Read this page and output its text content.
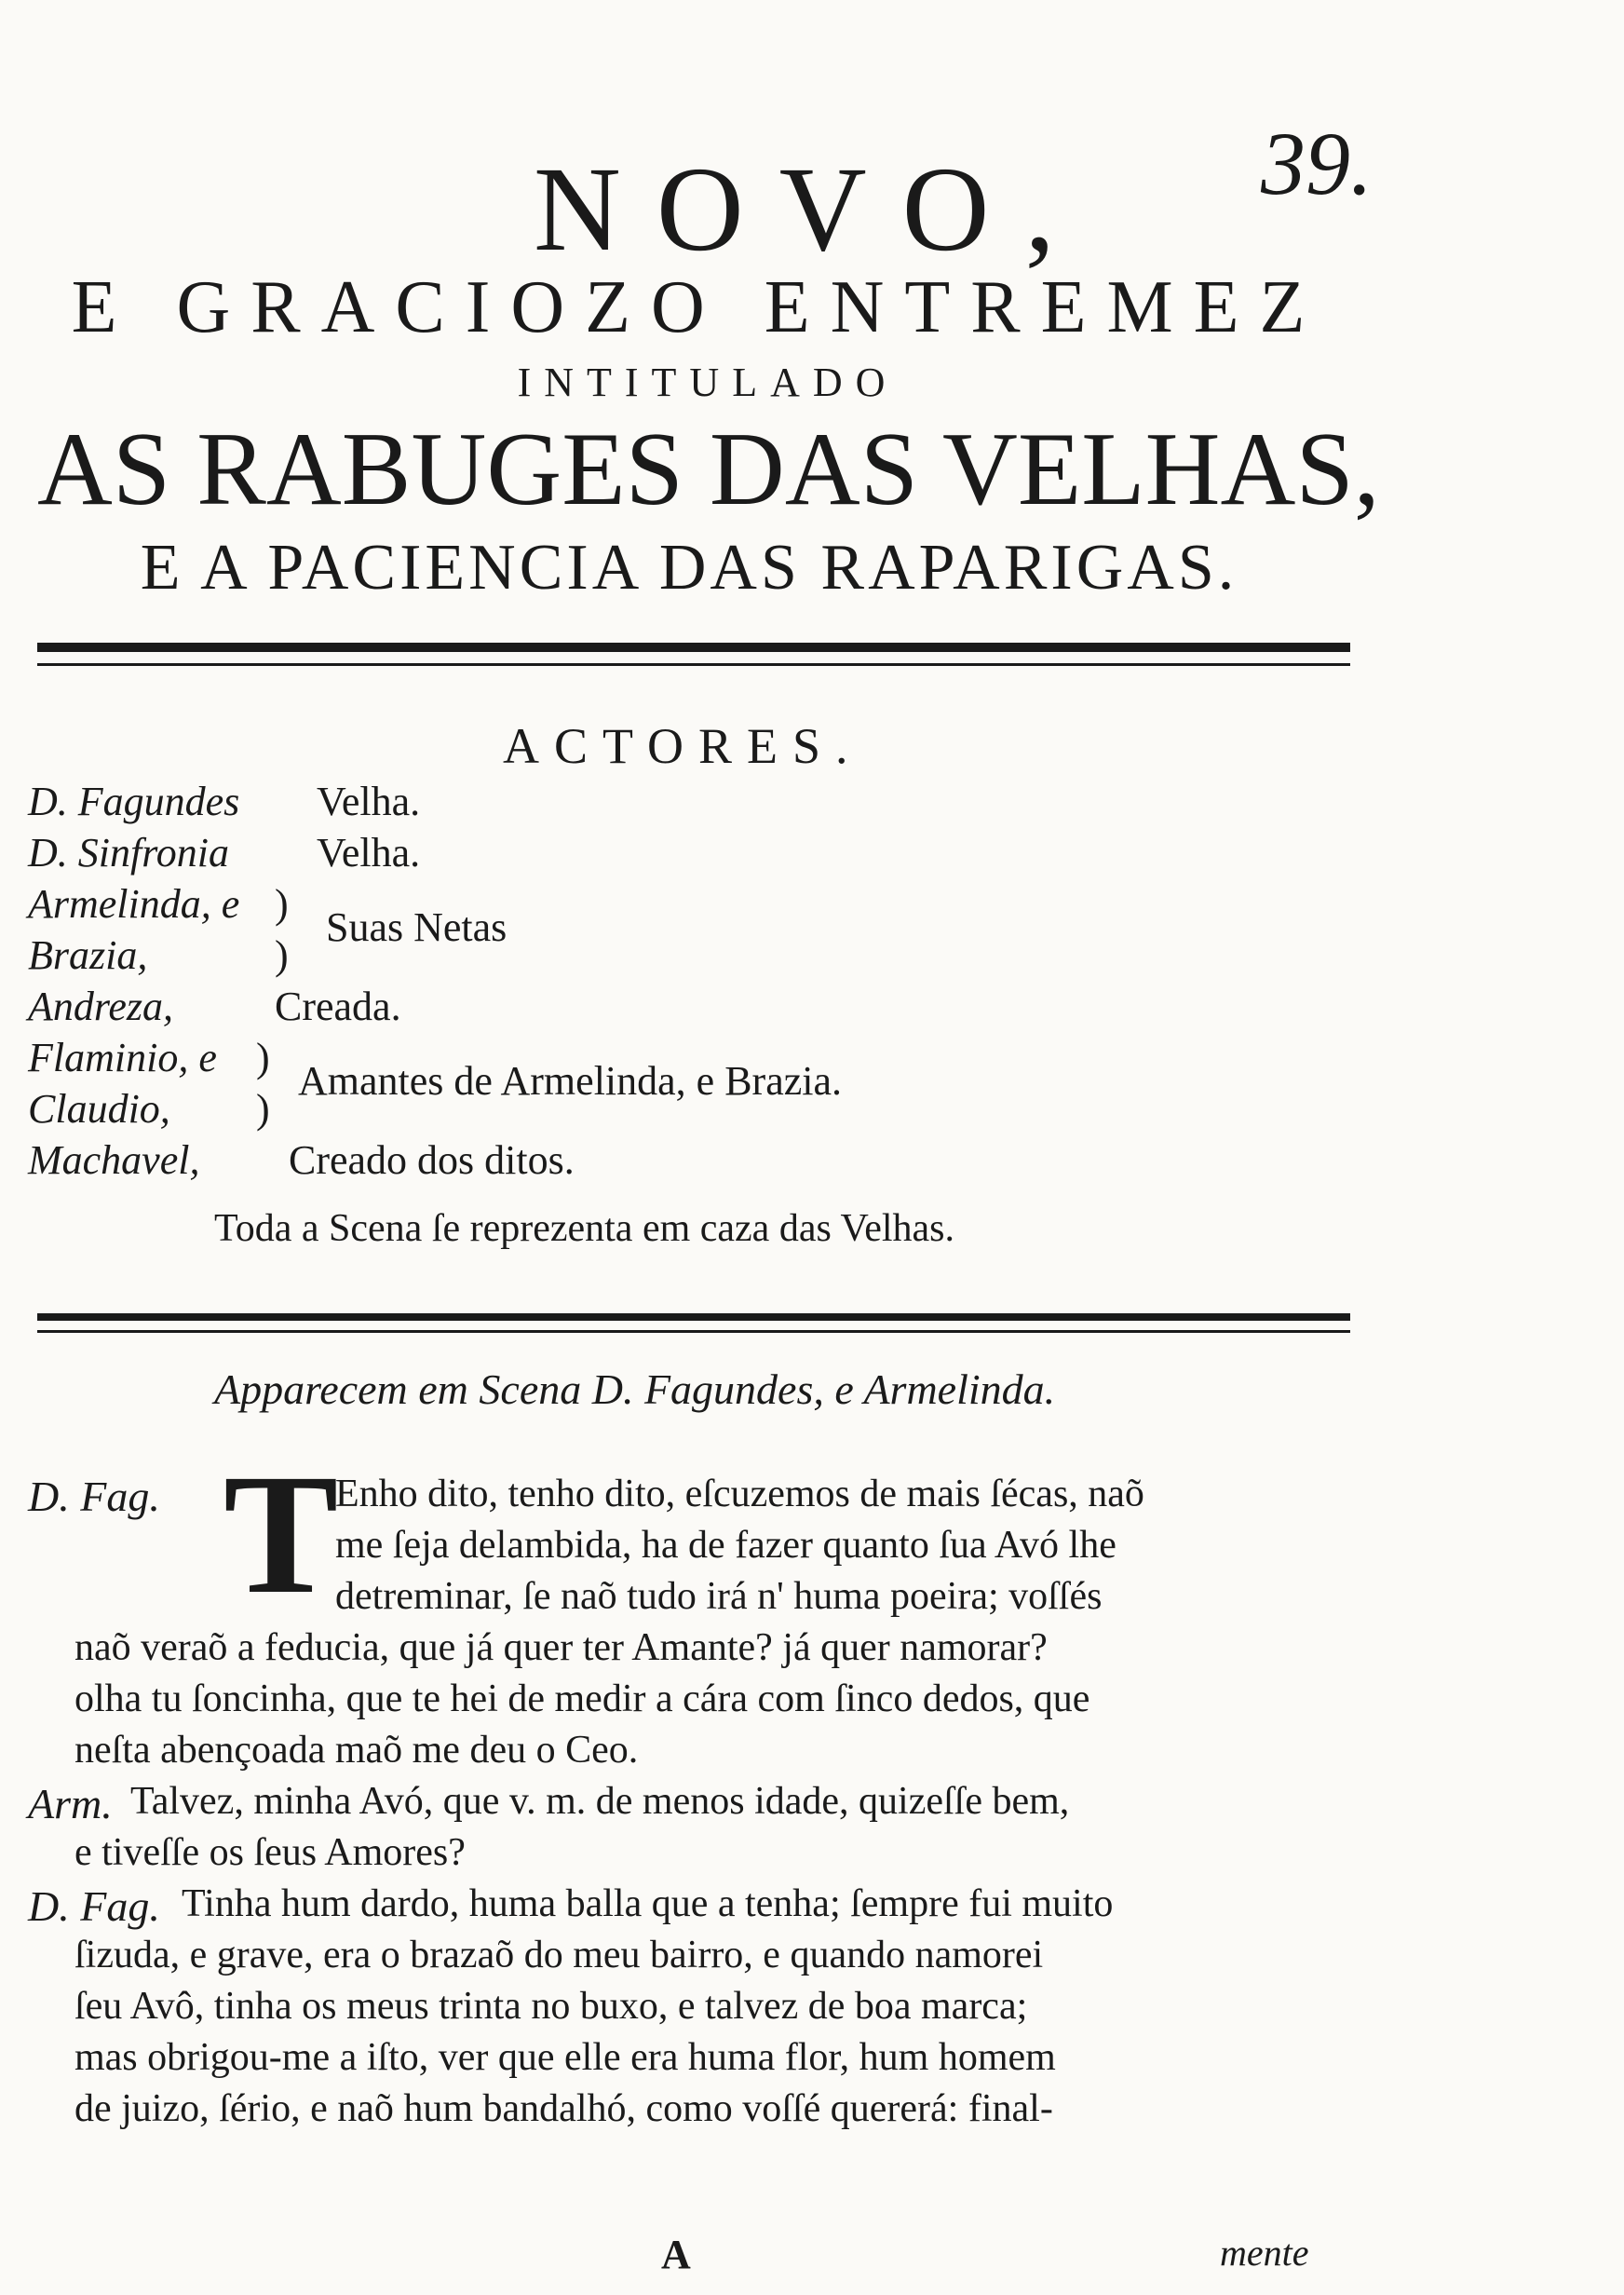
39.
NOVO,
E GRACIOZO ENTREMEZ
INTITULADO
AS RABUGES DAS VELHAS,
E A PACIENCIA DAS RAPARIGAS.
ACTORES.
D. Fagundes Velha.
D. Sinfronia Velha.
Armelinda, e )
Suas Netas
Brazia,	)
Andreza, Creada.
Flaminio, e )
Amantes de Armelinda, e Brazia.
Claudio, )
Machavel, Creado dos ditos.
Toda a Scena ſe reprezenta em caza das Velhas.
Apparecem em Scena D. Fagundes, e Armelinda.
D. Fag. T
Enho dito, tenho dito, eſcuzemos de mais ſécas, naõ
me ſeja delambida, ha de fazer quanto ſua Avó lhe
detreminar, ſe naõ tudo irá n' huma poeira; voſſés
naõ veraõ a feducia, que já quer ter Amante? já quer namorar?
olha tu ſoncinha, que te hei de medir a cára com ſinco dedos, que
neſta abençoada maõ me deu o Ceo.
Arm. Talvez, minha Avó, que v. m. de menos idade, quizeſſe bem,
e tiveſſe os ſeus Amores?
D. Fag. Tinha hum dardo, huma balla que a tenha; ſempre fui muito
ſizuda, e grave, era o brazaõ do meu bairro, e quando namorei
ſeu Avô, tinha os meus trinta no buxo, e talvez de boa marca;
mas obrigou-me a iſto, ver que elle era huma flor, hum homem
de juizo, ſério, e naõ hum bandalhó, como voſſé quererá: final-
A	mente
